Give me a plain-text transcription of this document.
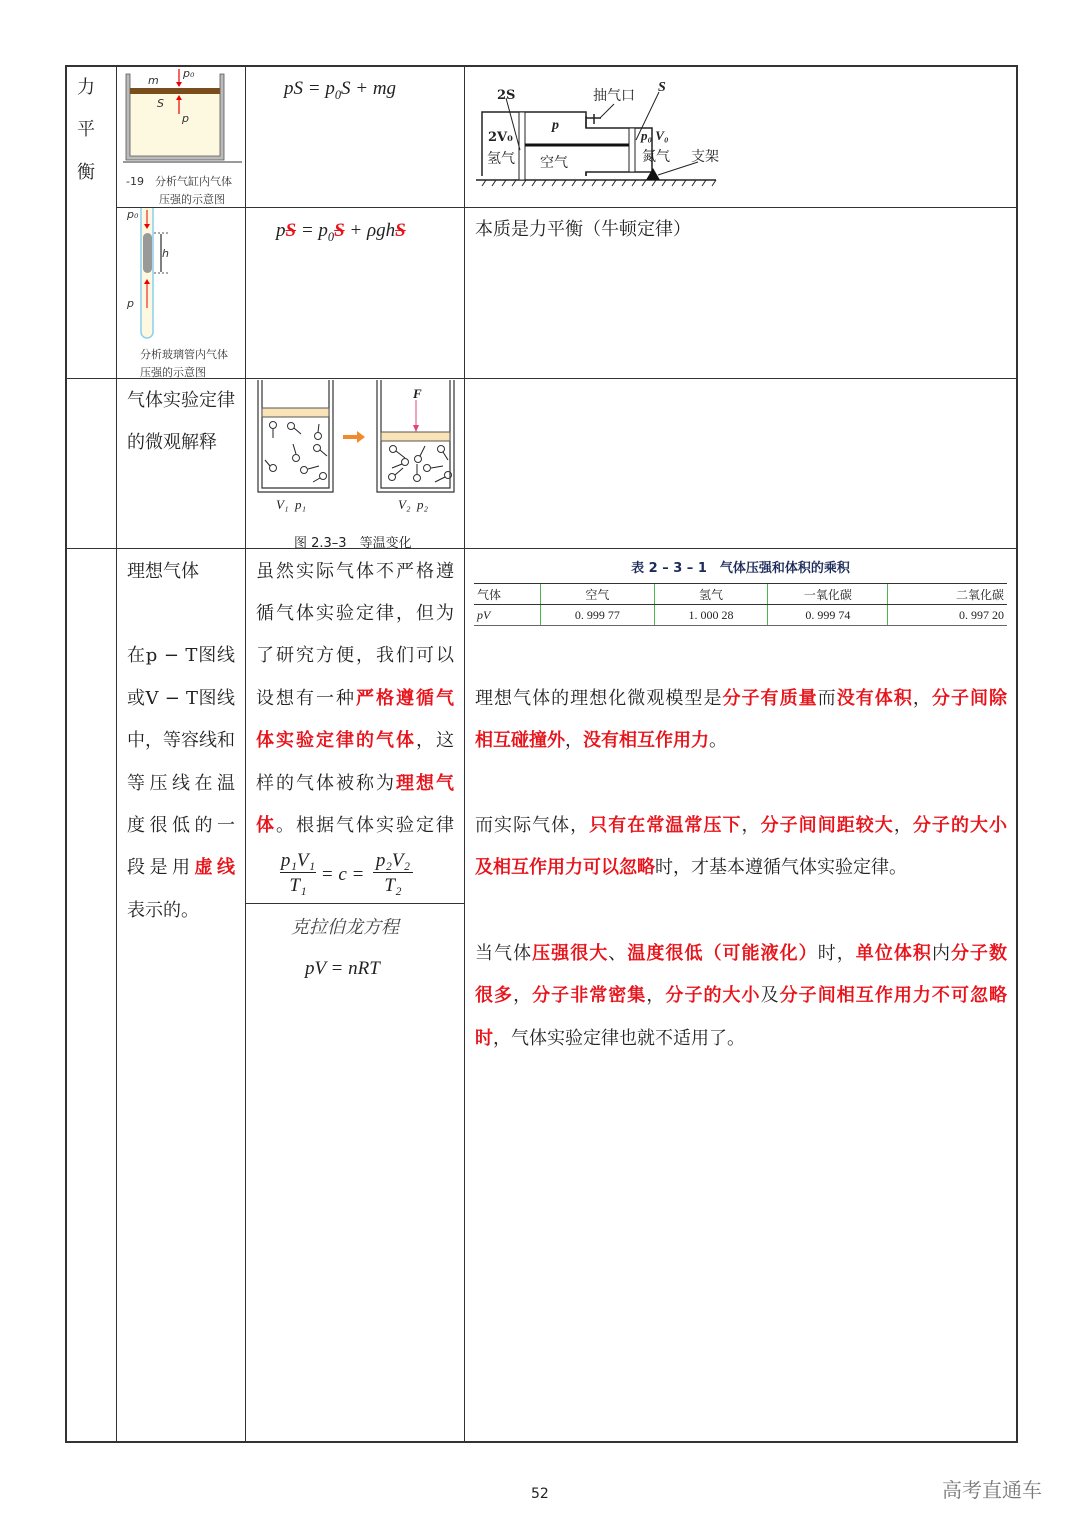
力
平
衡
m
p₀
S
p
-19　分析气缸内气体
压强的示意图
p₀
h
p
分析玻璃管内气体
压强的示意图
pS = $p_0S$ + mg
pS = $p_0S + \rho ghS$
2S	抽气口
S
2V₀
氢气
p
空气
p₀ V₀
氮气 支架
本质是力平衡（牛顿定律）
气体实验定律
的微观解释
F
V₁ p₁	V₂ p₂
图 2.3–3　等温变化
理想气体
在p − T图线
或V − T图线
中，等容线和
等压线在温
度很低的一
段是用虚线
表示的。
虽然实际气体不严格遵
循气体实验定律，但为
了研究方便，我们可以
设想有一种严格遵循气
体实验定律的气体，这
样的气体被称为理想气
体。根据气体实验定律
p₁V₁
T₁
= c =
p₂V₂
T₂
克拉伯龙方程
pV = nRT
表 2 – 3 – 1　气体压强和体积的乘积
气体	空气	氢气	一氧化碳	二氧化碳
pV	0. 999 77	1. 000 28	0. 999 74	0. 997 20
理想气体的理想化微观模型是分子有质量而没有体积，分子间除
相互碰撞外，没有相互作用力。
而实际气体，只有在常温常压下，分子间间距较大，分子的大小
及相互作用力可以忽略时，才基本遵循气体实验定律。
当气体压强很大、温度很低（可能液化）时，单位体积内分子数
很多，分子非常密集，分子的大小及分子间相互作用力不可忽略
时，气体实验定律也就不适用了。
52	高考直通车
